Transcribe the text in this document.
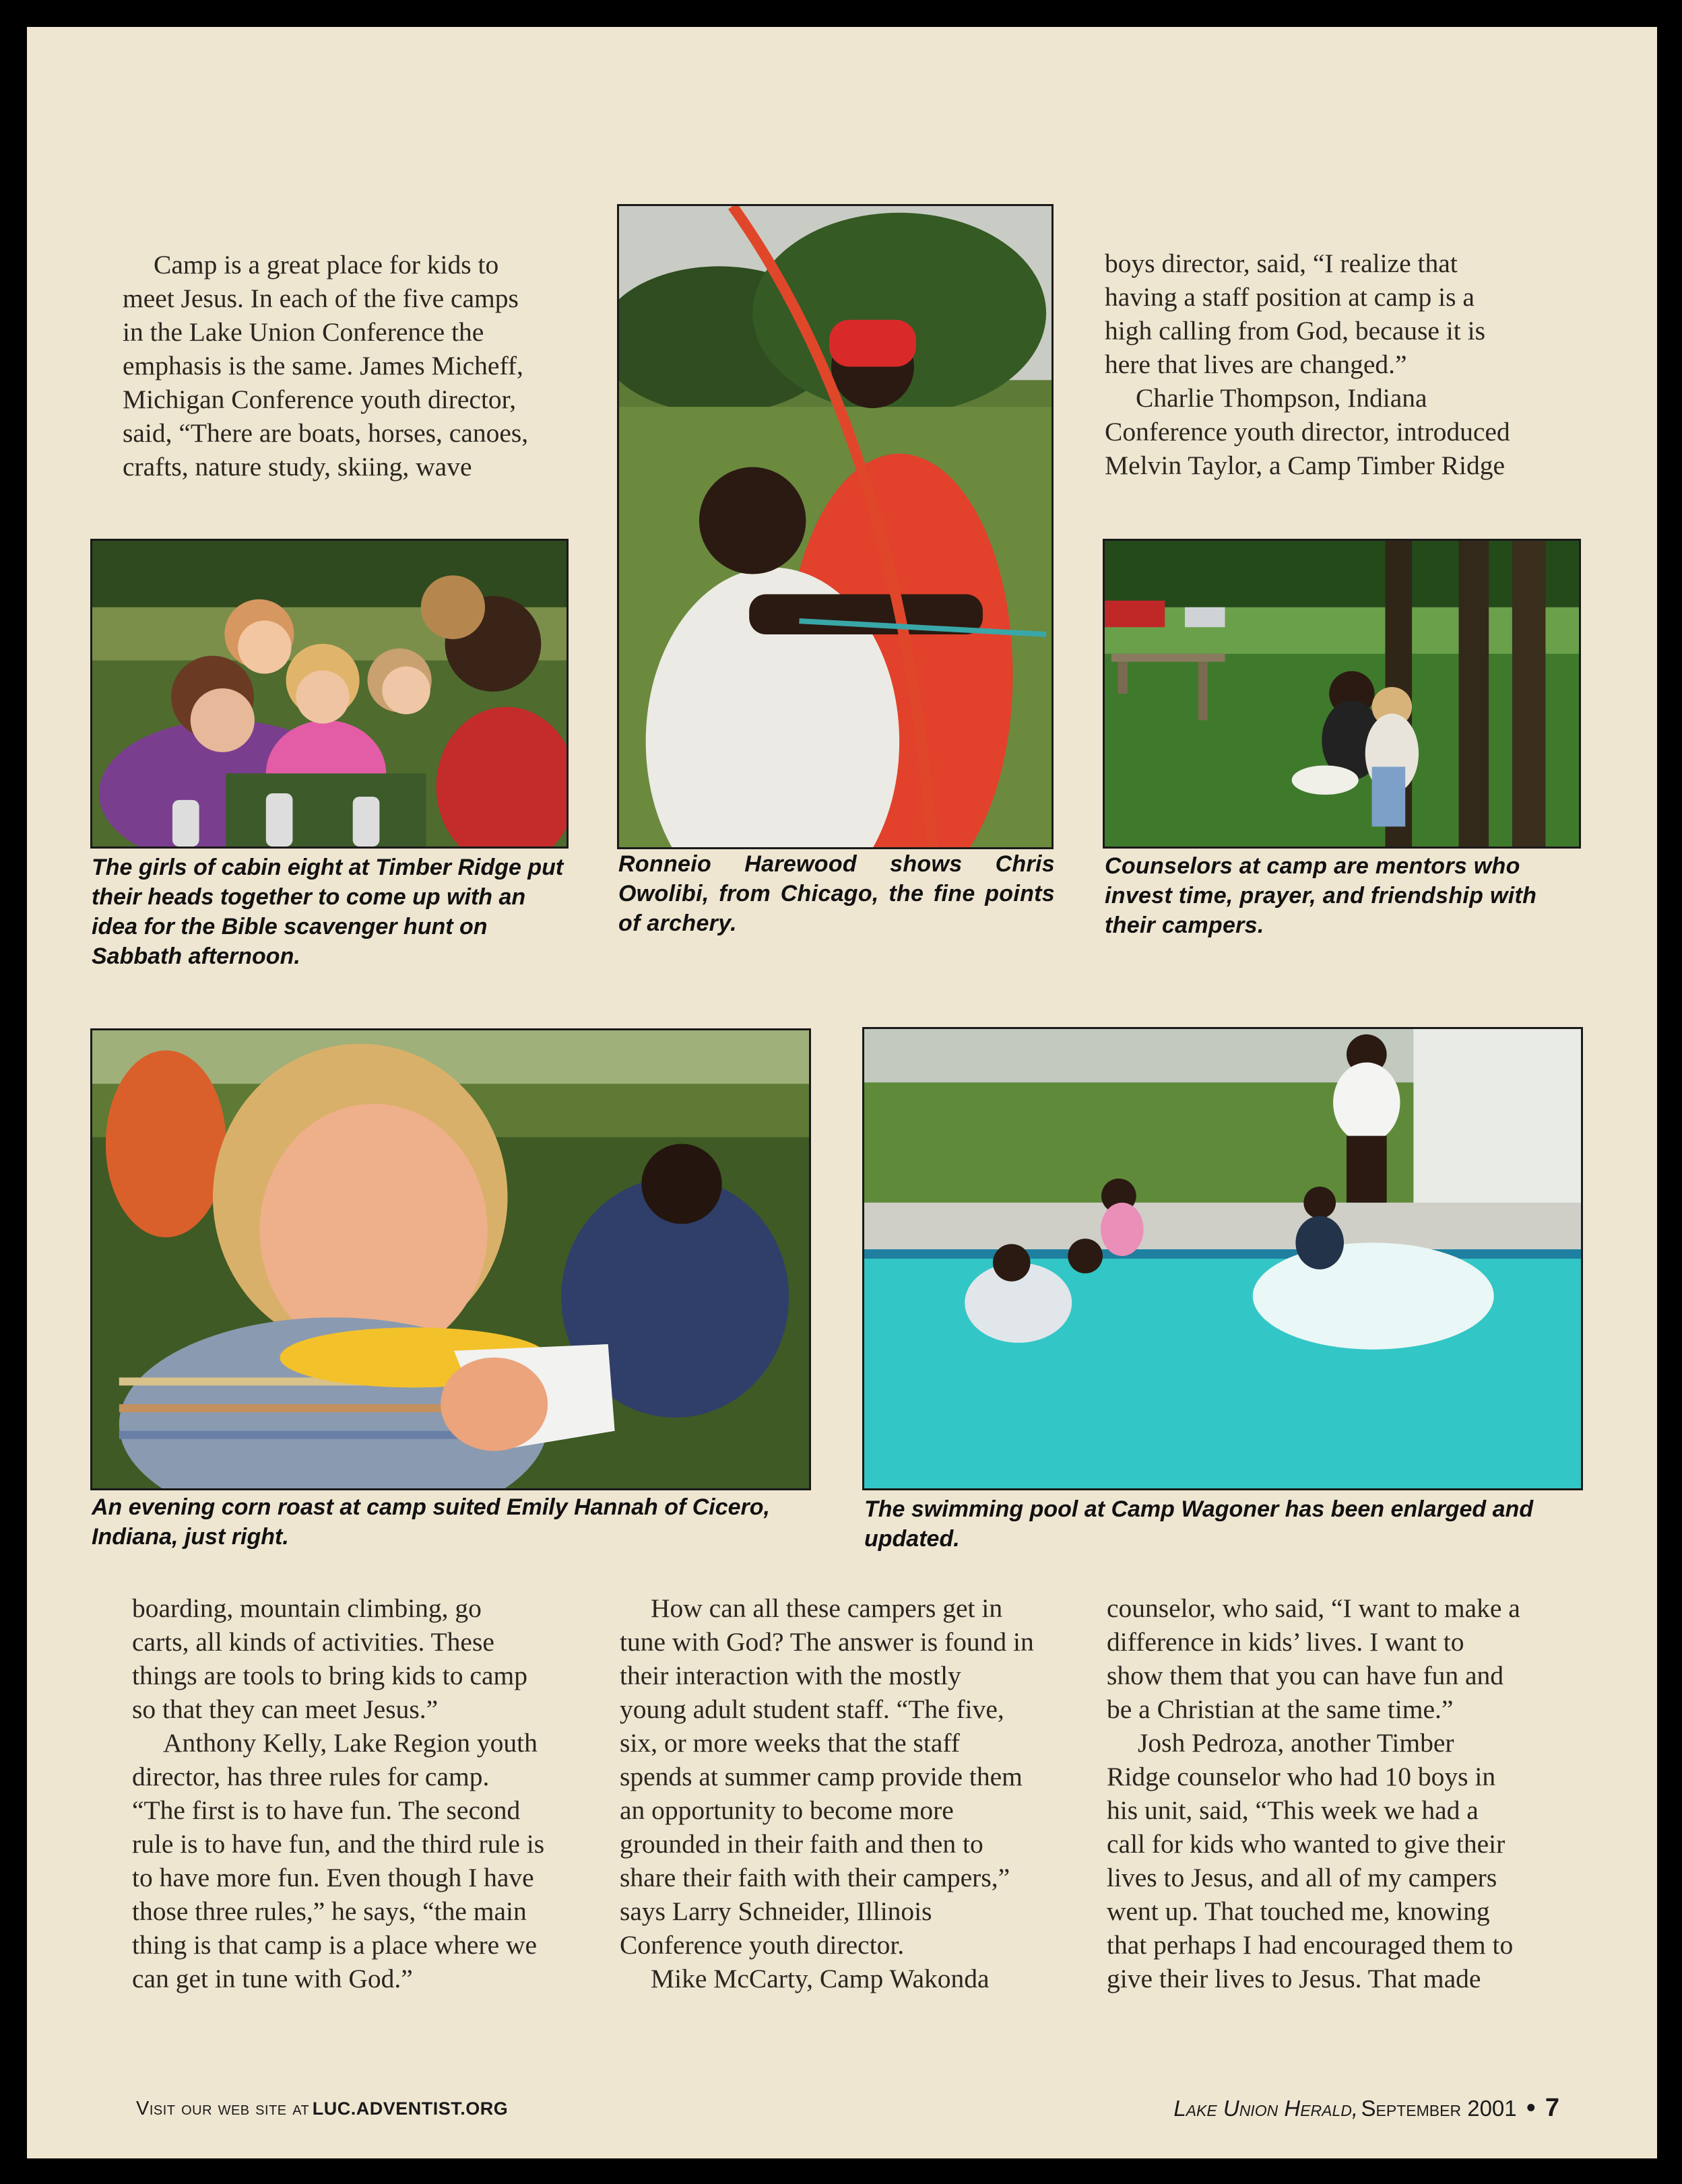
Camp is a great place for kids to

meet Jesus. In each of the five camps

in the Lake Union Conference the

emphasis is the same. James Micheff,

Michigan Conference youth director,

said, “There are boats, horses, canoes,

crafts, nature study, skiing, wave

boys director, said, “I realize that

having a staff position at camp is a

high calling from God, because it is

here that lives are changed.”

Charlie Thompson, Indiana

Conference youth director, introduced

Melvin Taylor, a Camp Timber Ridge

The girls of cabin eight at Timber Ridge put their heads together to come up with an idea for the Bible scavenger hunt on Sabbath afternoon.
Ronneio Harewood shows Chris Owolibi, from Chicago, the fine points of archery.
Counselors at camp are mentors who invest time, prayer, and friendship with their campers.
An evening corn roast at camp suited Emily Hannah of Cicero, Indiana, just right.
The swimming pool at Camp Wagoner has been enlarged and updated.

boarding, mountain climbing, go

carts, all kinds of activities. These

things are tools to bring kids to camp

so that they can meet Jesus.”

Anthony Kelly, Lake Region youth

director, has three rules for camp.

“The first is to have fun. The second

rule is to have fun, and the third rule is

to have more fun. Even though I have

those three rules,” he says, “the main

thing is that camp is a place where we

can get in tune with God.”

How can all these campers get in

tune with God? The answer is found in

their interaction with the mostly

young adult student staff. “The five,

six, or more weeks that the staff

spends at summer camp provide them

an opportunity to become more

grounded in their faith and then to

share their faith with their campers,”

says Larry Schneider, Illinois

Conference youth director.

Mike McCarty, Camp Wakonda

counselor, who said, “I want to make a

difference in kids’ lives. I want to

show them that you can have fun and

be a Christian at the same time.”

Josh Pedroza, another Timber

Ridge counselor who had 10 boys in

his unit, said, “This week we had a

call for kids who wanted to give their

lives to Jesus, and all of my campers

went up. That touched me, knowing

that perhaps I had encouraged them to

give their lives to Jesus. That made

Visit our web site at LUC.ADVENTIST.ORG	Lake Union Herald, September 2001 • 7
